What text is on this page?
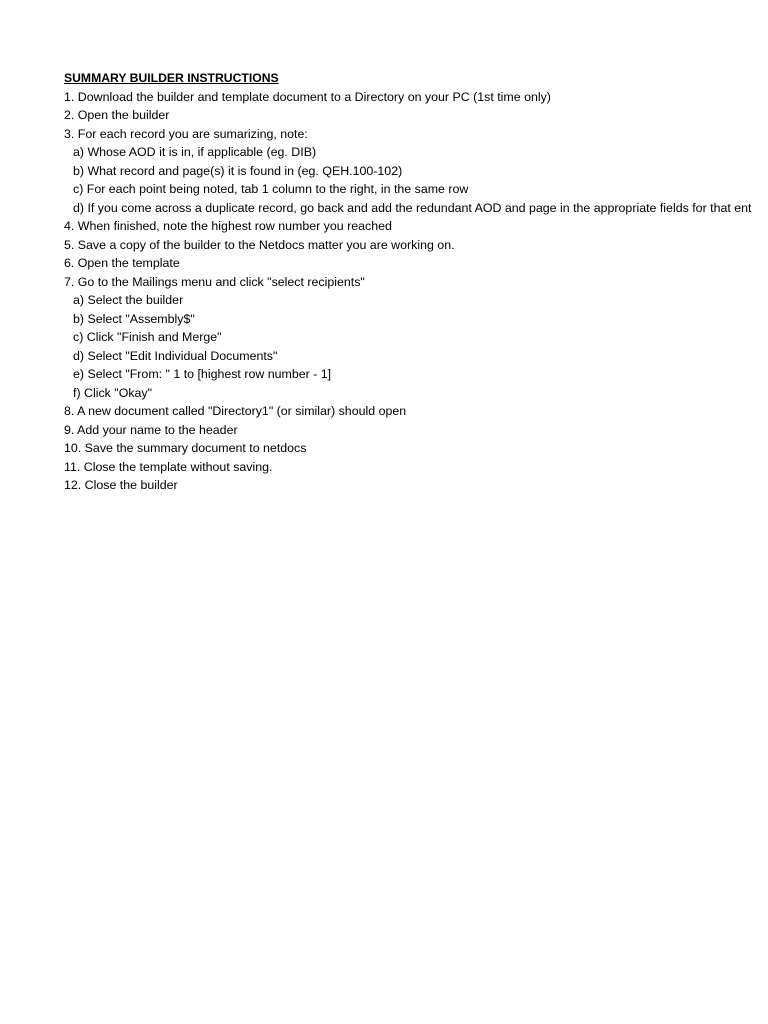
SUMMARY BUILDER INSTRUCTIONS
1. Download the builder and template document to a Directory on your PC (1st time only)
2. Open the builder
3. For each record you are sumarizing, note:
a) Whose AOD it is in, if applicable (eg. DIB)
b) What record and page(s) it is found in (eg. QEH.100-102)
c) For each point being noted, tab 1 column to the right, in the same row
d) If you come across a duplicate record, go back and add the redundant AOD and page in the appropriate fields for that ent
4. When finished, note the highest row number you reached
5. Save a copy of the builder to the Netdocs matter you are working on.
6. Open the template
7. Go to the Mailings menu and click "select recipients"
a) Select the builder
b) Select "Assembly$"
c) Click "Finish and Merge"
d) Select "Edit Individual Documents"
e) Select "From: " 1 to [highest row number - 1]
f) Click "Okay"
8. A new document called "Directory1" (or similar) should open
9. Add your name to the header
10. Save the summary document to netdocs
11. Close the template without saving.
12. Close the builder
